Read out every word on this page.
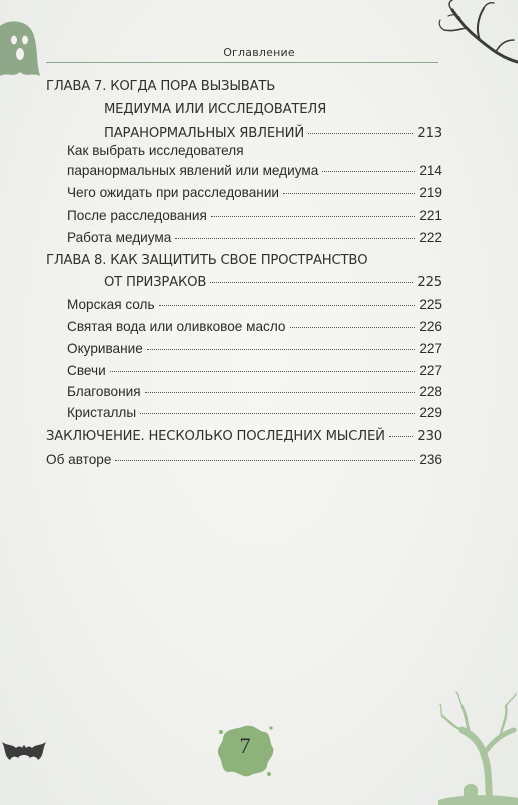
Оглавление
ГЛАВА 7. КОГДА ПОРА ВЫЗЫВАТЬ
МЕДИУМА ИЛИ ИССЛЕДОВАТЕЛЯ
ПАРАНОРМАЛЬНЫХ ЯВЛЕНИЙ	213
Как выбрать исследователя
паранормальных явлений или медиума	214
Чего ожидать при расследовании	219
После расследования	221
Работа медиума	222
ГЛАВА 8. КАК ЗАЩИТИТЬ СВОЕ ПРОСТРАНСТВО
ОТ ПРИЗРАКОВ	225
Морская соль	225
Святая вода или оливковое масло	226
Окуривание	227
Свечи	227
Благовония	228
Кристаллы	229
ЗАКЛЮЧЕНИЕ. НЕСКОЛЬКО ПОСЛЕДНИХ МЫСЛЕЙ 230
Об авторе	236
7
